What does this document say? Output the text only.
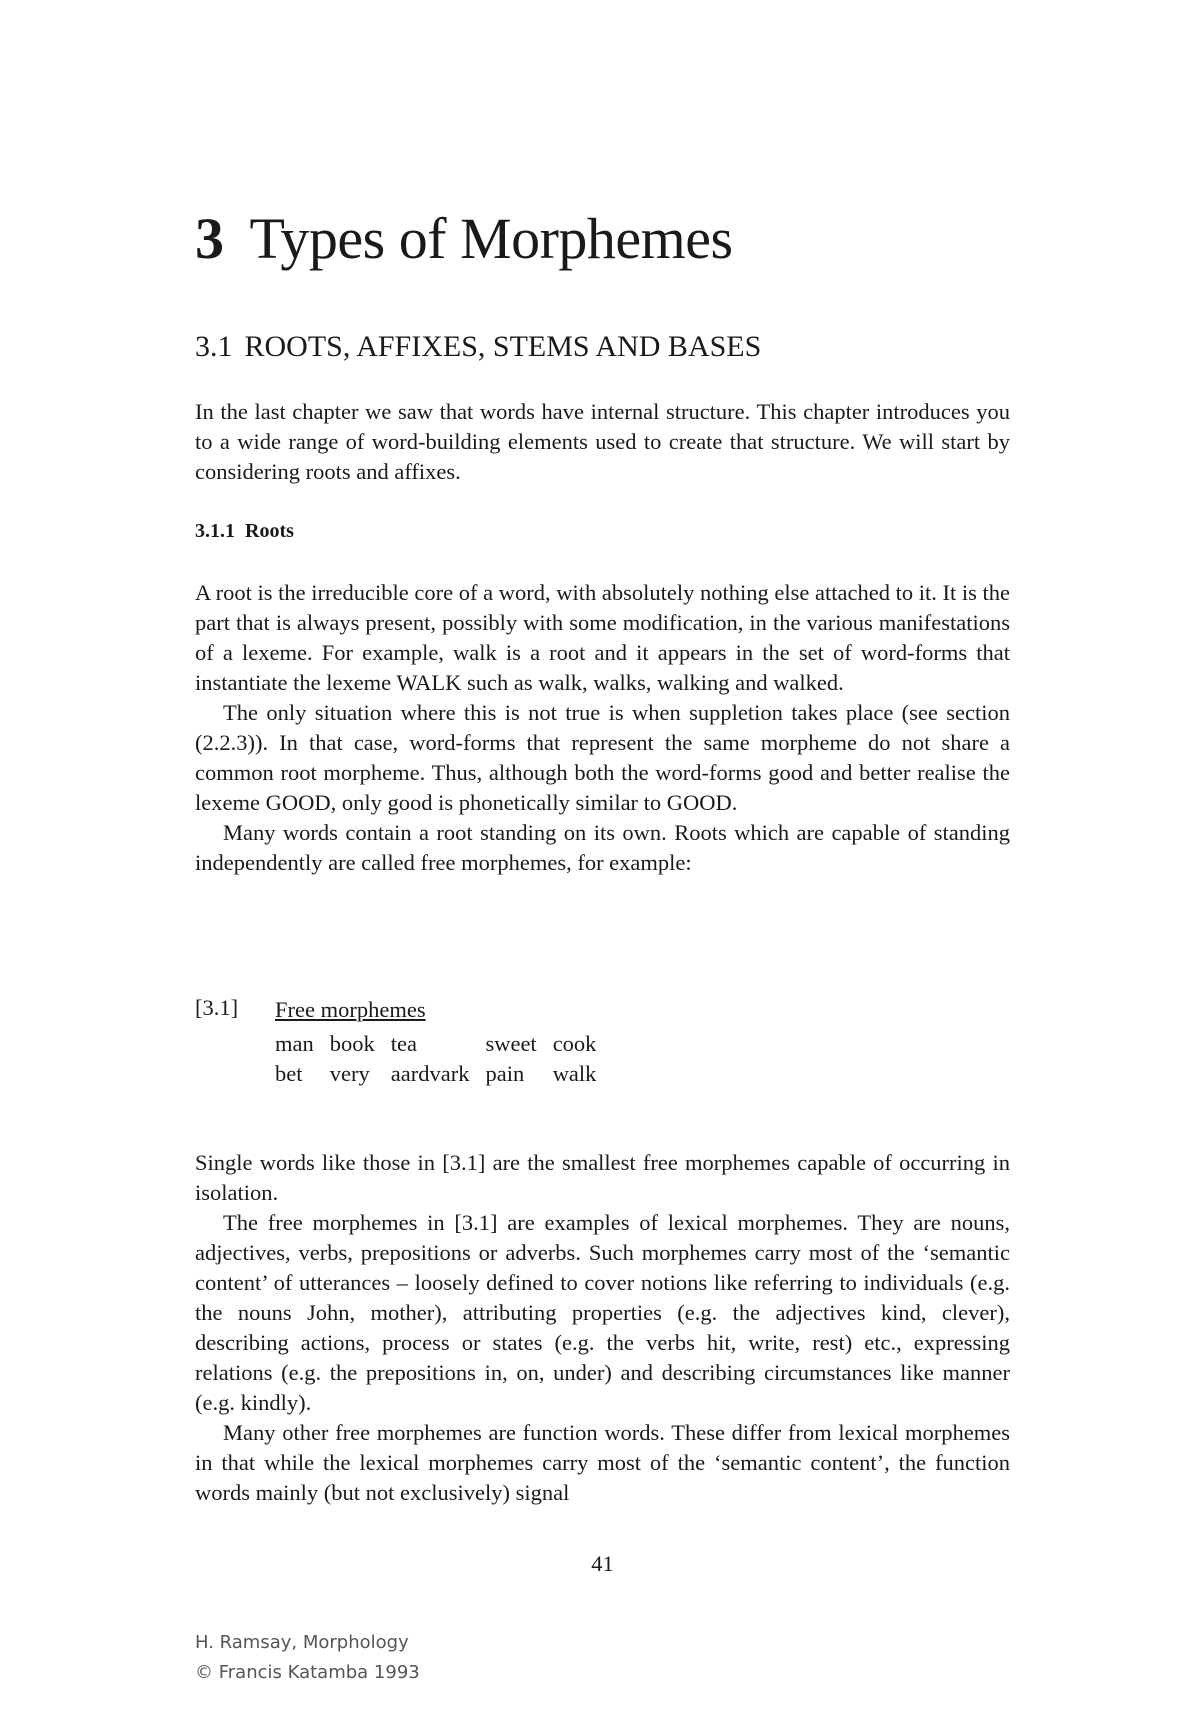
3 Types of Morphemes
3.1 ROOTS, AFFIXES, STEMS AND BASES

In the last chapter we saw that words have internal structure. This chapter introduces you to a wide range of word-building elements used to create that structure. We will start by considering roots and affixes.

3.1.1 Roots

A root is the irreducible core of a word, with absolutely nothing else attached to it. It is the part that is always present, possibly with some modification, in the various manifestations of a lexeme. For example, walk is a root and it appears in the set of word-forms that instantiate the lexeme WALK such as walk, walks, walking and walked.

The only situation where this is not true is when suppletion takes place (see section (2.2.3)). In that case, word-forms that represent the same morpheme do not share a common root morpheme. Thus, although both the word-forms good and better realise the lexeme GOOD, only good is phonetically similar to GOOD.

Many words contain a root standing on its own. Roots which are capable of standing independently are called free morphemes, for example:

[3.1] Free morphemes
man	book	tea	sweet	cook
bet	very	aardvark	pain	walk

Single words like those in [3.1] are the smallest free morphemes capable of occurring in isolation.

The free morphemes in [3.1] are examples of lexical morphemes. They are nouns, adjectives, verbs, prepositions or adverbs. Such morphemes carry most of the ‘semantic content’ of utterances – loosely defined to cover notions like referring to individuals (e.g. the nouns John, mother), attributing properties (e.g. the adjectives kind, clever), describing actions, process or states (e.g. the verbs hit, write, rest) etc., expressing relations (e.g. the prepositions in, on, under) and describing circumstances like manner (e.g. kindly).

Many other free morphemes are function words. These differ from lexical morphemes in that while the lexical morphemes carry most of the ‘semantic content’, the function words mainly (but not exclusively) signal

41
H. Ramsay, Morphology
© Francis Katamba 1993
